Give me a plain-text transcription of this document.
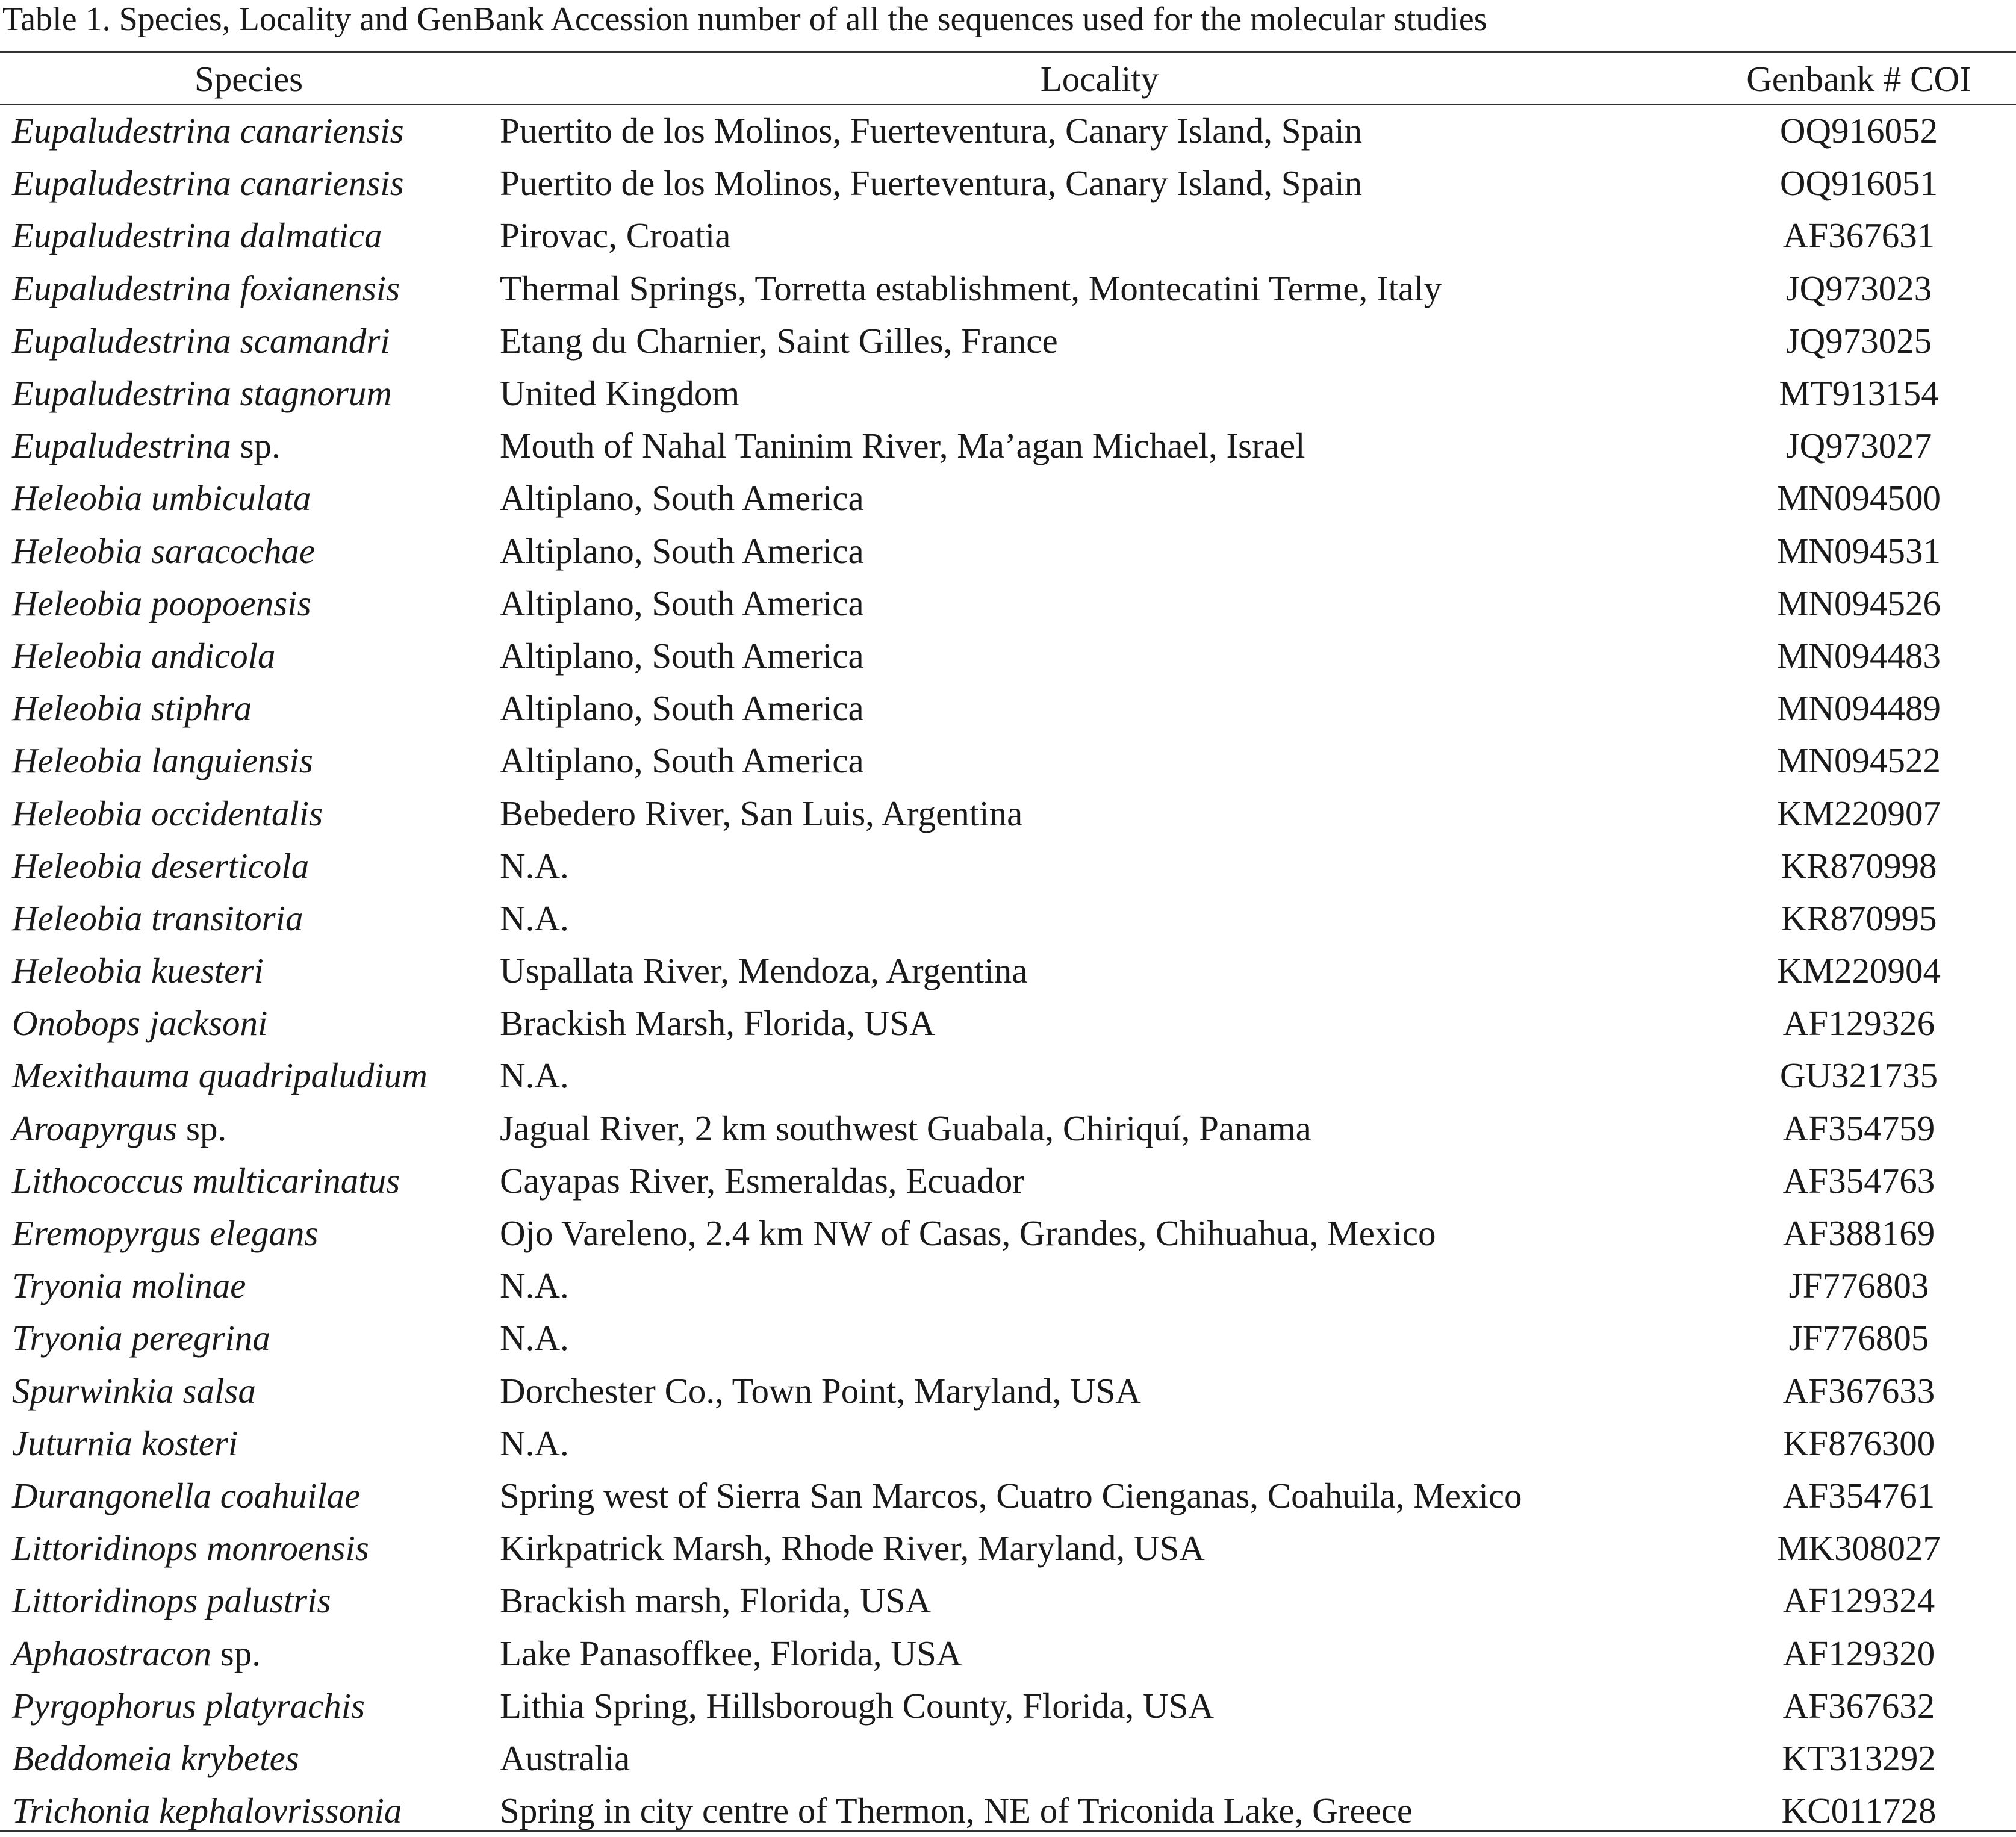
Table 1. Species, Locality and GenBank Accession number of all the sequences used for the molecular studies
Species	Locality	Genbank # COI
Eupaludestrina canariensis	Puertito de los Molinos, Fuerteventura, Canary Island, Spain	OQ916052
Eupaludestrina canariensis	Puertito de los Molinos, Fuerteventura, Canary Island, Spain	OQ916051
Eupaludestrina dalmatica	Pirovac, Croatia	AF367631
Eupaludestrina foxianensis	Thermal Springs, Torretta establishment, Montecatini Terme, Italy	JQ973023
Eupaludestrina scamandri	Etang du Charnier, Saint Gilles, France	JQ973025
Eupaludestrina stagnorum	United Kingdom	MT913154
Eupaludestrina sp.	Mouth of Nahal Taninim River, Ma’agan Michael, Israel	JQ973027
Heleobia umbiculata	Altiplano, South America	MN094500
Heleobia saracochae	Altiplano, South America	MN094531
Heleobia poopoensis	Altiplano, South America	MN094526
Heleobia andicola	Altiplano, South America	MN094483
Heleobia stiphra	Altiplano, South America	MN094489
Heleobia languiensis	Altiplano, South America	MN094522
Heleobia occidentalis	Bebedero River, San Luis, Argentina	KM220907
Heleobia deserticola	N.A.	KR870998
Heleobia transitoria	N.A.	KR870995
Heleobia kuesteri	Uspallata River, Mendoza, Argentina	KM220904
Onobops jacksoni	Brackish Marsh, Florida, USA	AF129326
Mexithauma quadripaludium	N.A.	GU321735
Aroapyrgus sp.	Jagual River, 2 km southwest Guabala, Chiriquí, Panama	AF354759
Lithococcus multicarinatus	Cayapas River, Esmeraldas, Ecuador	AF354763
Eremopyrgus elegans	Ojo Vareleno, 2.4 km NW of Casas, Grandes, Chihuahua, Mexico	AF388169
Tryonia molinae	N.A.	JF776803
Tryonia peregrina	N.A.	JF776805
Spurwinkia salsa	Dorchester Co., Town Point, Maryland, USA	AF367633
Juturnia kosteri	N.A.	KF876300
Durangonella coahuilae	Spring west of Sierra San Marcos, Cuatro Cienganas, Coahuila, Mexico	AF354761
Littoridinops monroensis	Kirkpatrick Marsh, Rhode River, Maryland, USA	MK308027
Littoridinops palustris	Brackish marsh, Florida, USA	AF129324
Aphaostracon sp.	Lake Panasoffkee, Florida, USA	AF129320
Pyrgophorus platyrachis	Lithia Spring, Hillsborough County, Florida, USA	AF367632
Beddomeia krybetes	Australia	KT313292
Trichonia kephalovrissonia	Spring in city centre of Thermon, NE of Triconida Lake, Greece	KC011728
